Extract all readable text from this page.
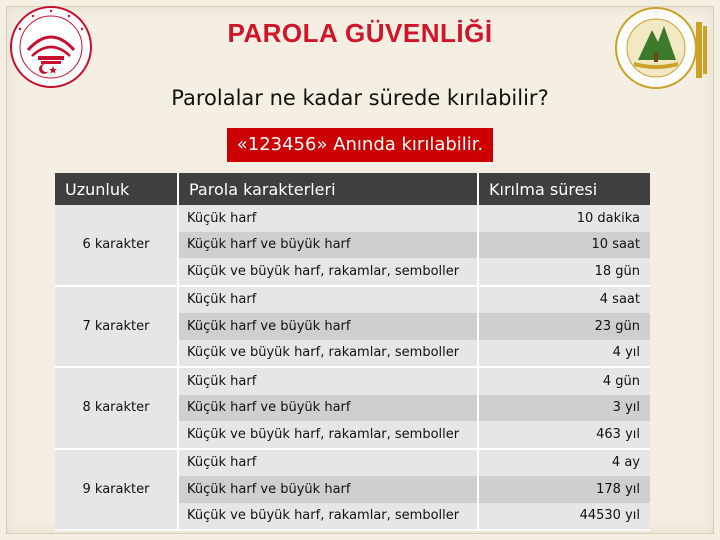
PAROLA GÜVENLİĞİ
Parolalar ne kadar sürede kırılabilir?
«123456» Anında kırılabilir.
Uzunluk	Parola karakterleri	Kırılma süresi
6 karakter	Küçük harf	10 dakika
	Küçük harf ve büyük harf	10 saat
	Küçük ve büyük harf, rakamlar, semboller	18 gün
7 karakter	Küçük harf	4 saat
	Küçük harf ve büyük harf	23 gün
	Küçük ve büyük harf, rakamlar, semboller	4 yıl
8 karakter	Küçük harf	4 gün
	Küçük harf ve büyük harf	3 yıl
	Küçük ve büyük harf, rakamlar, semboller	463 yıl
9 karakter	Küçük harf	4 ay
	Küçük harf ve büyük harf	178 yıl
	Küçük ve büyük harf, rakamlar, semboller	44530 yıl
